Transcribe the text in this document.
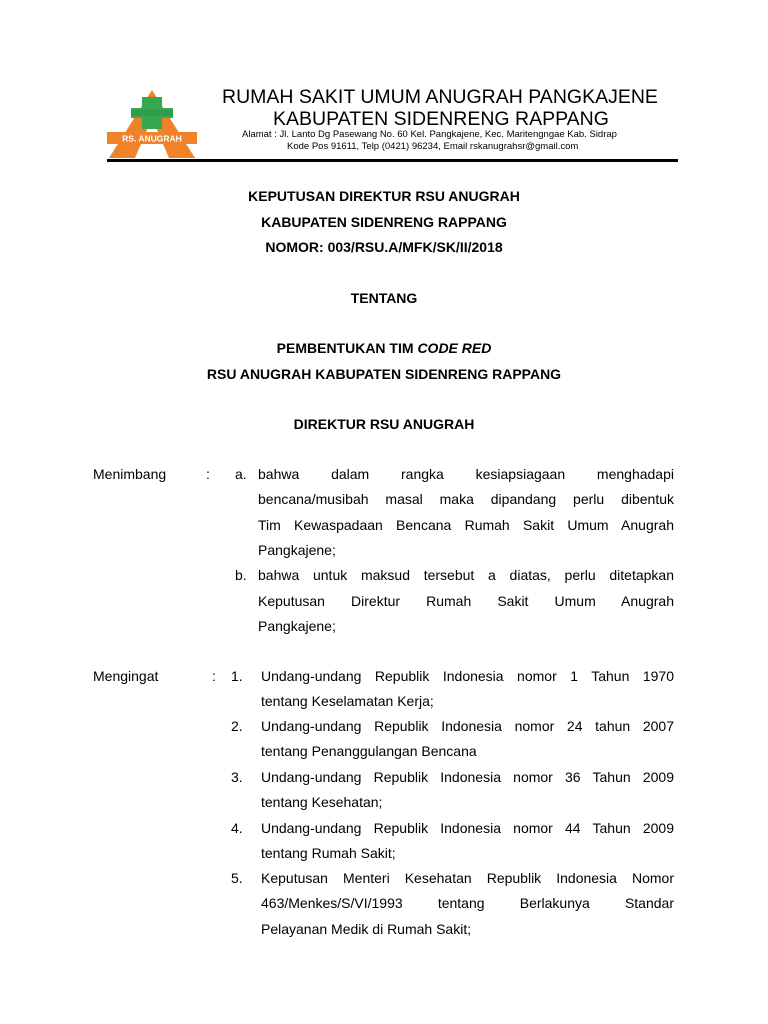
RS. ANUGRAH
RUMAH SAKIT UMUM ANUGRAH PANGKAJENE
KABUPATEN SIDENRENG RAPPANG
Alamat : Jl. Lanto Dg Pasewang No. 60 Kel. Pangkajene, Kec. Maritengngae Kab. Sidrap
Kode Pos 91611, Telp (0421) 96234, Email rskanugrahsr@gmail.com
KEPUTUSAN DIREKTUR RSU ANUGRAH
KABUPATEN SIDENRENG RAPPANG
NOMOR: 003/RSU.A/MFK/SK/II/2018
TENTANG
PEMBENTUKAN TIM CODE RED
RSU ANUGRAH KABUPATEN SIDENRENG RAPPANG
DIREKTUR RSU ANUGRAH
Menimbang	: a. bahwa dalam rangka kesiapsiagaan menghadapi
bencana/musibah masal maka dipandang perlu dibentuk
Tim Kewaspadaan Bencana Rumah Sakit Umum Anugrah
Pangkajene;
b. bahwa untuk maksud tersebut a diatas, perlu ditetapkan
Keputusan Direktur Rumah Sakit Umum Anugrah
Pangkajene;
Mengingat	: 1. Undang-undang Republik Indonesia nomor 1 Tahun 1970
tentang Keselamatan Kerja;
2. Undang-undang Republik Indonesia nomor 24 tahun 2007
tentang Penanggulangan Bencana
3. Undang-undang Republik Indonesia nomor 36 Tahun 2009
tentang Kesehatan;
4. Undang-undang Republik Indonesia nomor 44 Tahun 2009
tentang Rumah Sakit;
5. Keputusan Menteri Kesehatan Republik Indonesia Nomor
463/Menkes/S/VI/1993 tentang Berlakunya Standar
Pelayanan Medik di Rumah Sakit;
